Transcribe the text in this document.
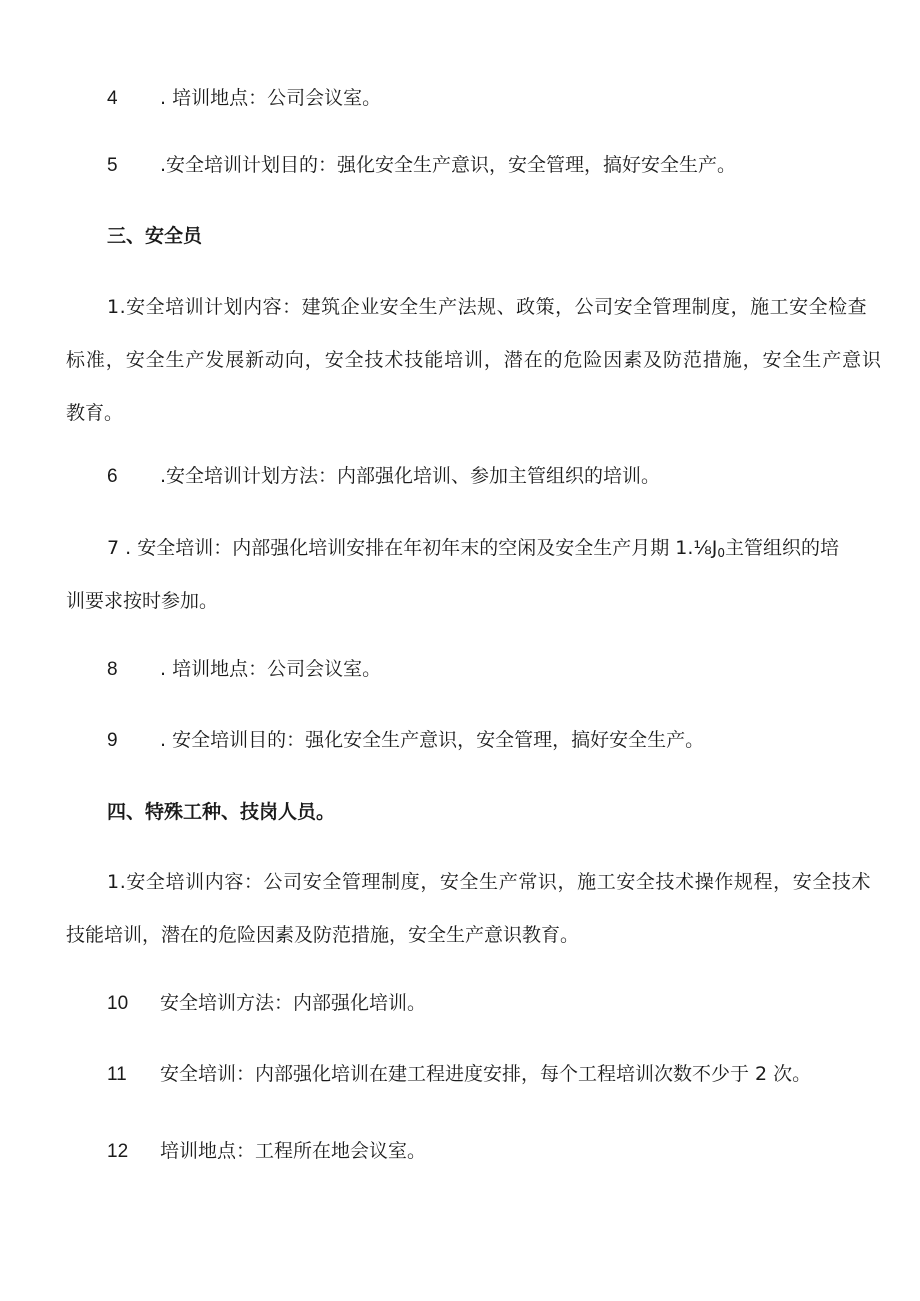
4 . 培训地点：公司会议室。
5 .安全培训计划目的：强化安全生产意识，安全管理，搞好安全生产。
三、安全员
1.安全培训计划内容：建筑企业安全生产法规、政策，公司安全管理制度，施工安全检查
标准，安全生产发展新动向，安全技术技能培训，潜在的危险因素及防范措施，安全生产意识
教育。
6 .安全培训计划方法：内部强化培训、参加主管组织的培训。
7 . 安全培训：内部强化培训安排在年初年末的空闲及安全生产月期 $1.\frac{1}{8}J_0$主管组织的培
训要求按时参加。
8 . 培训地点：公司会议室。
9 . 安全培训目的：强化安全生产意识，安全管理，搞好安全生产。
四、特殊工种、技岗人员。
1.安全培训内容：公司安全管理制度，安全生产常识，施工安全技术操作规程，安全技术
技能培训，潜在的危险因素及防范措施，安全生产意识教育。
10 安全培训方法：内部强化培训。
11 安全培训：内部强化培训在建工程进度安排，每个工程培训次数不少于 2 次。
12 培训地点：工程所在地会议室。
